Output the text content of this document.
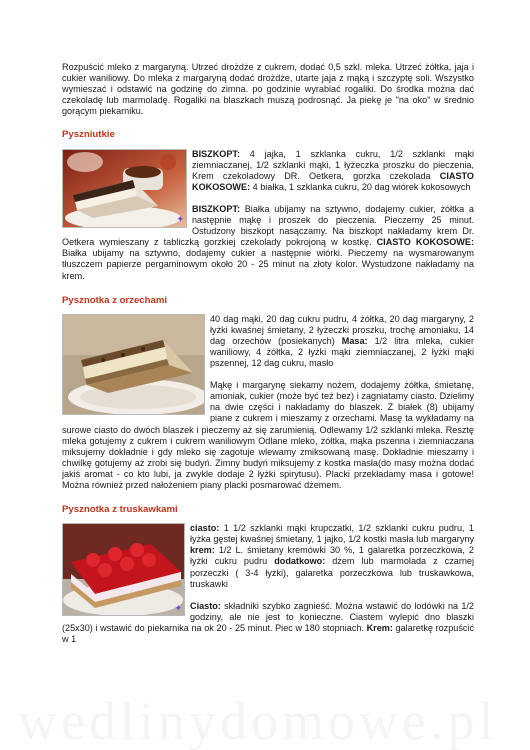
Rozpuścić mleko z margaryną. Utrzeć drożdże z cukrem, dodać 0,5 szkl. mleka. Utrzeć żółtka, jaja i cukier waniliowy. Do mleka z margaryną dodać drożdże, utarte jaja z mąką i szczyptę soli. Wszystko wymieszać i odstawić na godzinę do zimna. po godzinie wyrabiać rogaliki. Do środka można dać czekoladę lub marmoladę. Rogaliki na blaszkach muszą podrosnąć. Ja piekę je "na oko" w średnio gorącym piekarniku.

Pyszniutkie
✦

BISZKOPT: 4 jajka, 1 szklanka cukru, 1/2 szklanki mąki ziemniaczanej, 1/2 szklanki mąki, 1 łyżeczka proszku do pieczenia, Krem czekoladowy DR. Oetkera, gorzka czekolada CIASTO KOKOSOWE: 4 białka, 1 szklanka cukru, 20 dag wiórek kokosowych

BISZKOPT: Białka ubijamy na sztywno, dodajemy cukier, żółtka a następnie mąkę i proszek do pieczenia. Pieczemy 25 minut. Ostudzony biszkopt nasączamy. Na biszkopt nakładamy krem Dr. Oetkera wymieszany z tabliczką gorzkiej czekolady pokrojoną w kostkę. CIASTO KOKOSOWE: Białka ubijamy na sztywno, dodajemy cukier a następnie wiórki. Pieczemy na wysmarowanym tłuszczem papierze pergaminowym około 20 - 25 minut na złoty kolor. Wystudzone nakładamy na krem.

Pysznotka z orzechami

40 dag mąki, 20 dag cukru pudru, 4 żółtka, 20 dag margaryny, 2 łyżki kwaśnej śmietany, 2 łyżeczki proszku, trochę amoniaku, 14 dag orzechów (posiekanych) Masa: 1/2 litra mleka, cukier waniliowy, 4 żółtka, 2 łyżki mąki ziemniaczanej, 2 łyżki mąki pszennej, 12 dag cukru, masło

Mąkę i margarynę siekamy nożem, dodajemy żółtka, śmietanę, amoniak, cukier (może być też bez) i zagniatamy ciasto. Dzielimy na dwie części i nakładamy do blaszek. Z białek (8) ubijamy piane z cukrem i mieszamy z orzechami. Masę ta wykładamy na surowe ciasto do dwóch blaszek i pieczemy aż się zarumienią. Odlewamy 1/2 szklanki mleka. Resztę mleka gotujemy z cukrem i cukrem waniliowym Odlane mleko, żółtka, mąka pszenna i ziemniaczana miksujemy dokładnie i gdy mleko się zagotuje wlewamy zmiksowaną masę. Dokładnie mieszamy i chwilkę gotujemy aż zrobi się budyń. Zimny budyń miksujemy z kostka masła(do masy można dodać jakiś aromat - co kto lubi, ja zwykle dodaje 2 łyżki spirytusu). Placki przekładamy masa i gotowe! Można również przed nałożeniem piany placki posmarować dżemem.

Pysznotka z truskawkami
✦

ciasto: 1 1/2 szklanki mąki krupczatki, 1/2 szklanki cukru pudru, 1 łyżka gęstej kwaśnej śmietany, 1 jajko, 1/2 kostki masła lub margaryny krem: 1/2 L. śmietany kremówki 30 %, 1 galaretka porzeczkowa, 2 łyżki cukru pudru dodatkowo: dżem lub marmolada z czarnej porzeczki ( 3-4 łyżki), galaretka porzeczkowa lub truskawkowa, truskawki

Ciasto: składniki szybko zagnieść. Można wstawić do lodówki na 1/2 godziny, ale nie jest to konieczne. Ciastem wylepić dno blaszki (25x30) i wstawić do piekarnika na ok 20 - 25 minut. Piec w 180 stopniach. Krem: galaretkę rozpuścić w 1
